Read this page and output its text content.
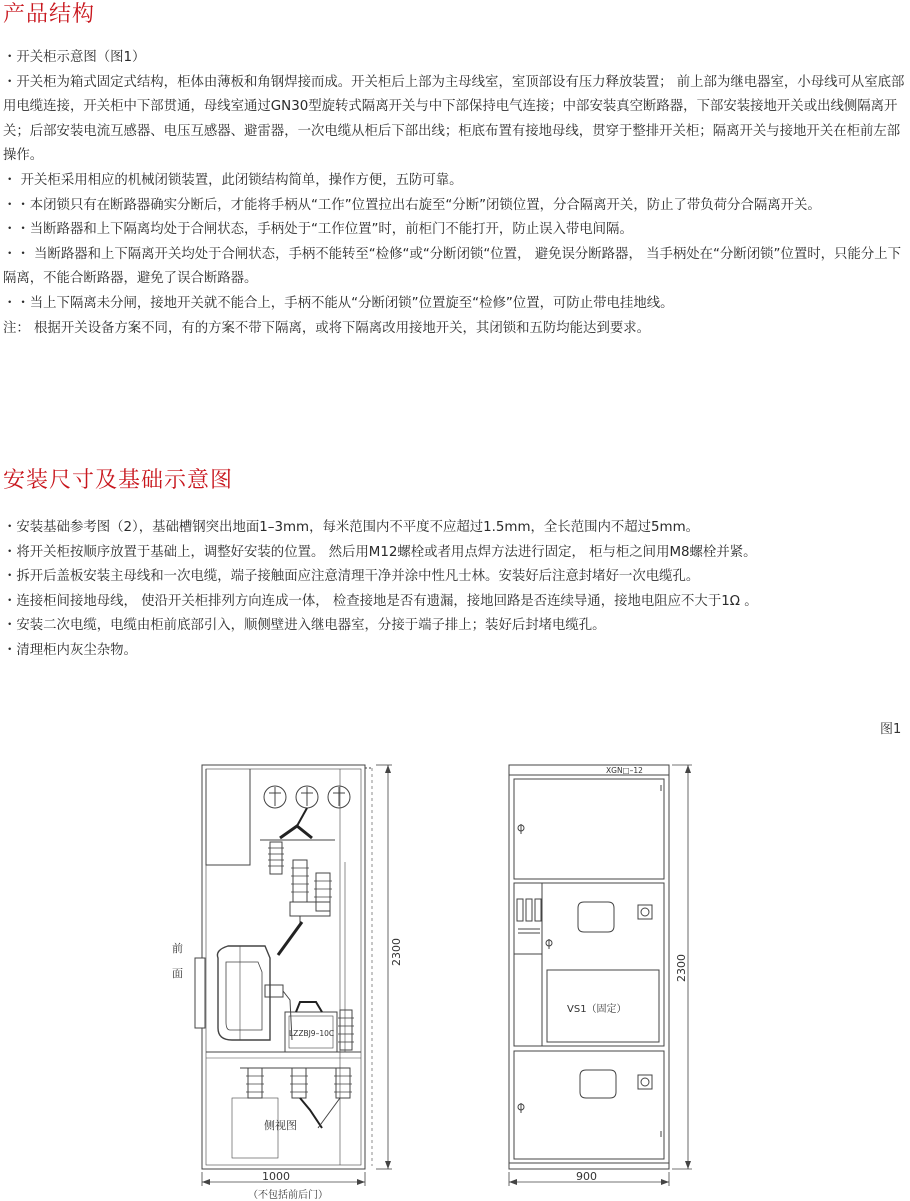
产品结构

・开关柜示意图（图1）

・开关柜为箱式固定式结构，柜体由薄板和角钢焊接而成。开关柜后上部为主母线室，室顶部设有压力释放装置； 前上部为继电器室，小母线可从室底部用电缆连接，开关柜中下部贯通，母线室通过GN30型旋转式隔离开关与中下部保持电气连接；中部安装真空断路器，下部安装接地开关或出线侧隔离开关；后部安装电流互感器、电压互感器、避雷器，一次电缆从柜后下部出线；柜底布置有接地母线，贯穿于整排开关柜；隔离开关与接地开关在柜前左部操作。

・ 开关柜采用相应的机械闭锁装置，此闭锁结构简单，操作方便，五防可靠。

・・本闭锁只有在断路器确实分断后，才能将手柄从“工作”位置拉出右旋至“分断”闭锁位置，分合隔离开关，防止了带负荷分合隔离开关。

・・当断路器和上下隔离均处于合闸状态，手柄处于“工作位置”时，前柜门不能打开，防止误入带电间隔。

・・ 当断路器和上下隔离开关均处于合闸状态，手柄不能转至“检修“或“分断闭锁“位置， 避免误分断路器， 当手柄处在“分断闭锁”位置时，只能分上下隔离，不能合断路器，避免了误合断路器。

・・当上下隔离未分闸，接地开关就不能合上，手柄不能从“分断闭锁”位置旋至“检修”位置，可防止带电挂地线。

注： 根据开关设备方案不同，有的方案不带下隔离，或将下隔离改用接地开关，其闭锁和五防均能达到要求。

安装尺寸及基础示意图

・安装基础参考图（2），基础槽钢突出地面1–3mm，每米范围内不平度不应超过1.5mm，全长范围内不超过5mm。

・将开关柜按顺序放置于基础上，调整好安装的位置。 然后用M12螺栓或者用点焊方法进行固定， 柜与柜之间用M8螺栓并紧。

・拆开后盖板安装主母线和一次电缆，端子接触面应注意清理干净并涂中性凡士林。安装好后注意封堵好一次电缆孔。

・连接柜间接地母线， 使沿开关柜排列方向连成一体， 检查接地是否有遗漏，接地回路是否连续导通，接地电阻应不大于1Ω 。

・安装二次电缆，电缆由柜前底部引入，顺侧壁进入继电器室，分接于端子排上；装好后封堵电缆孔。

・清理柜内灰尘杂物。

图1
前
面
LZZBJ9–10C
侧视图
1000
（不包括前后门）
2300
XGN□–12
VS1（固定）
900
2300
